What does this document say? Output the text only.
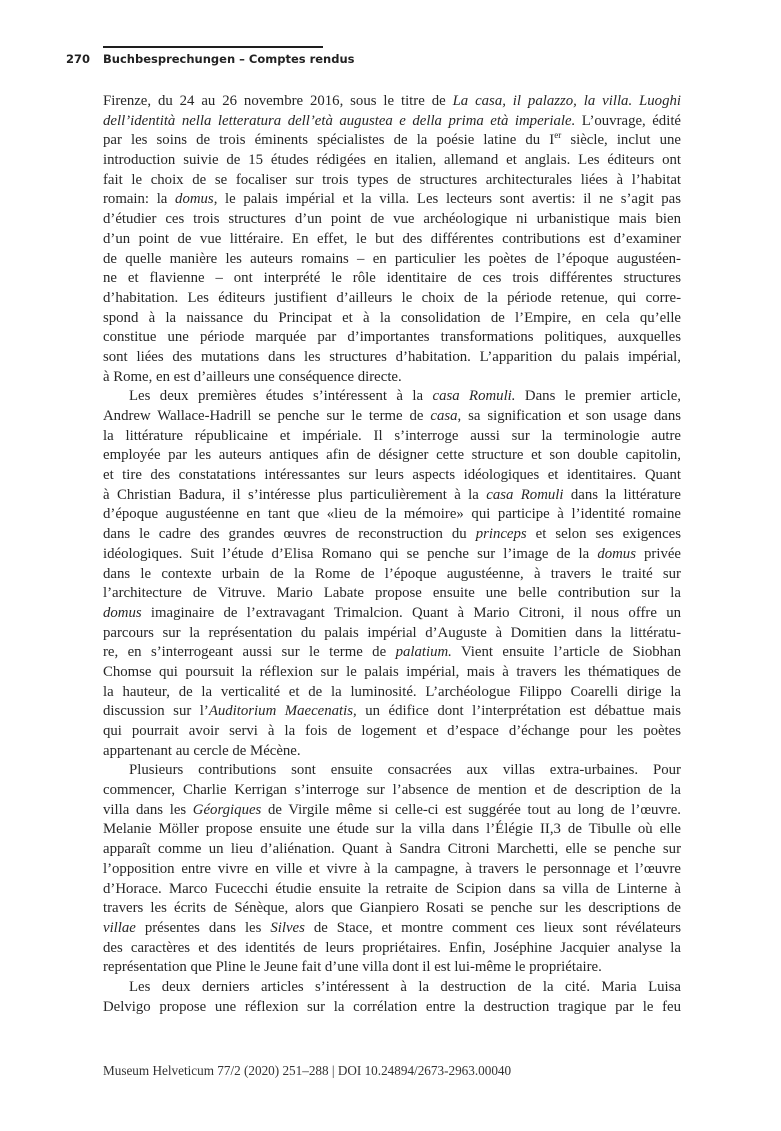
270 Buchbesprechungen – Comptes rendus
Firenze, du 24 au 26 novembre 2016, sous le titre de La casa, il palazzo, la villa. Luoghi
dell’identità nella letteratura dell’età augustea e della prima età imperiale. L’ouvrage, édité
par les soins de trois éminents spécialistes de la poésie latine du Ier siècle, inclut une
introduction suivie de 15 études rédigées en italien, allemand et anglais. Les éditeurs ont
fait le choix de se focaliser sur trois types de structures architecturales liées à l’habitat
romain: la domus, le palais impérial et la villa. Les lecteurs sont avertis: il ne s’agit pas
d’étudier ces trois structures d’un point de vue archéologique ni urbanistique mais bien
d’un point de vue littéraire. En effet, le but des différentes contributions est d’examiner
de quelle manière les auteurs romains – en particulier les poètes de l’époque augustéen-
ne et flavienne – ont interprété le rôle identitaire de ces trois différentes structures
d’habitation. Les éditeurs justifient d’ailleurs le choix de la période retenue, qui corre-
spond à la naissance du Principat et à la consolidation de l’Empire, en cela qu’elle
constitue une période marquée par d’importantes transformations politiques, auxquelles
sont liées des mutations dans les structures d’habitation. L’apparition du palais impérial,
à Rome, en est d’ailleurs une conséquence directe.
Les deux premières études s’intéressent à la casa Romuli. Dans le premier article,
Andrew Wallace-Hadrill se penche sur le terme de casa, sa signification et son usage dans
la littérature républicaine et impériale. Il s’interroge aussi sur la terminologie autre
employée par les auteurs antiques afin de désigner cette structure et son double capitolin,
et tire des constatations intéressantes sur leurs aspects idéologiques et identitaires. Quant
à Christian Badura, il s’intéresse plus particulièrement à la casa Romuli dans la littérature
d’époque augustéenne en tant que «lieu de la mémoire» qui participe à l’identité romaine
dans le cadre des grandes œuvres de reconstruction du princeps et selon ses exigences
idéologiques. Suit l’étude d’Elisa Romano qui se penche sur l’image de la domus privée
dans le contexte urbain de la Rome de l’époque augustéenne, à travers le traité sur
l’architecture de Vitruve. Mario Labate propose ensuite une belle contribution sur la
domus imaginaire de l’extravagant Trimalcion. Quant à Mario Citroni, il nous offre un
parcours sur la représentation du palais impérial d’Auguste à Domitien dans la littératu-
re, en s’interrogeant aussi sur le terme de palatium. Vient ensuite l’article de Siobhan
Chomse qui poursuit la réflexion sur le palais impérial, mais à travers les thématiques de
la hauteur, de la verticalité et de la luminosité. L’archéologue Filippo Coarelli dirige la
discussion sur l’Auditorium Maecenatis, un édifice dont l’interprétation est débattue mais
qui pourrait avoir servi à la fois de logement et d’espace d’échange pour les poètes
appartenant au cercle de Mécène.
Plusieurs contributions sont ensuite consacrées aux villas extra-urbaines. Pour
commencer, Charlie Kerrigan s’interroge sur l’absence de mention et de description de la
villa dans les Géorgiques de Virgile même si celle-ci est suggérée tout au long de l’œuvre.
Melanie Möller propose ensuite une étude sur la villa dans l’Élégie II,3 de Tibulle où elle
apparaît comme un lieu d’aliénation. Quant à Sandra Citroni Marchetti, elle se penche sur
l’opposition entre vivre en ville et vivre à la campagne, à travers le personnage et l’œuvre
d’Horace. Marco Fucecchi étudie ensuite la retraite de Scipion dans sa villa de Linterne à
travers les écrits de Sénèque, alors que Gianpiero Rosati se penche sur les descriptions de
villae présentes dans les Silves de Stace, et montre comment ces lieux sont révélateurs
des caractères et des identités de leurs propriétaires. Enfin, Joséphine Jacquier analyse la
représentation que Pline le Jeune fait d’une villa dont il est lui-même le propriétaire.
Les deux derniers articles s’intéressent à la destruction de la cité. Maria Luisa
Delvigo propose une réflexion sur la corrélation entre la destruction tragique par le feu
Museum Helveticum 77/2 (2020) 251–288 | DOI 10.24894/2673-2963.00040
